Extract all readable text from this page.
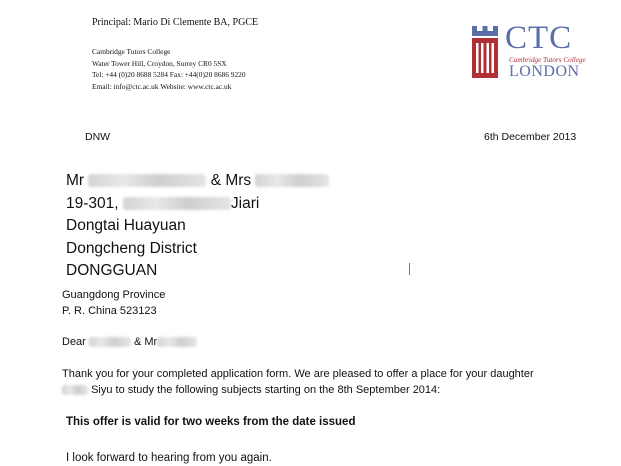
Principal: Mario Di Clemente BA, PGCE
Cambridge Tutors College
Water Tower Hill, Croydon, Surrey CR0 5SX
Tel: +44 (0)20 8688 5284 Fax: +44(0)20 8686 9220
Email: info@ctc.ac.uk Website: www.ctc.ac.uk
CTC
Cambridge Tutors College
LONDON
DNW	6th December 2013
Mr	& Mrs
19-301,	Jiari
Dongtai Huayuan
Dongcheng District
DONGGUAN
Guangdong Province
P. R. China 523123
Dear	& Mr
Thank you for your completed application form. We are pleased to offer a place for your daughter
Siyu to study the following subjects starting on the 8th September 2014:
This offer is valid for two weeks from the date issued
I look forward to hearing from you again.
